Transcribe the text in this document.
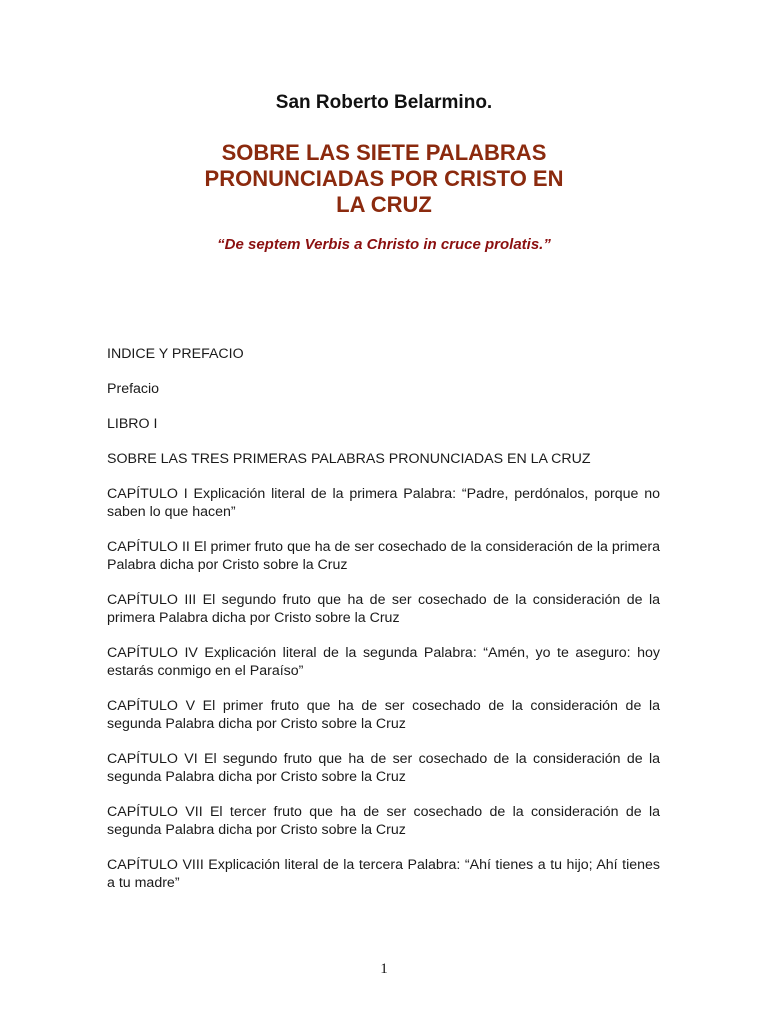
San Roberto Belarmino.
SOBRE LAS SIETE PALABRAS
PRONUNCIADAS POR CRISTO EN
LA CRUZ
“De septem Verbis a Christo in cruce prolatis.”
INDICE Y PREFACIO
Prefacio
LIBRO I
SOBRE LAS TRES PRIMERAS PALABRAS PRONUNCIADAS EN LA CRUZ
CAPÍTULO I Explicación literal de la primera Palabra: “Padre, perdónalos, porque no saben lo que hacen”
CAPÍTULO II El primer fruto que ha de ser cosechado de la consideración de la primera Palabra dicha por Cristo sobre la Cruz
CAPÍTULO III El segundo fruto que ha de ser cosechado de la consideración de la primera Palabra dicha por Cristo sobre la Cruz
CAPÍTULO IV Explicación literal de la segunda Palabra: “Amén, yo te aseguro: hoy estarás conmigo en el Paraíso”
CAPÍTULO V El primer fruto que ha de ser cosechado de la consideración de la segunda Palabra dicha por Cristo sobre la Cruz
CAPÍTULO VI El segundo fruto que ha de ser cosechado de la consideración de la segunda Palabra dicha por Cristo sobre la Cruz
CAPÍTULO VII El tercer fruto que ha de ser cosechado de la consideración de la segunda Palabra dicha por Cristo sobre la Cruz
CAPÍTULO VIII Explicación literal de la tercera Palabra: “Ahí tienes a tu hijo; Ahí tienes a tu madre”
1
